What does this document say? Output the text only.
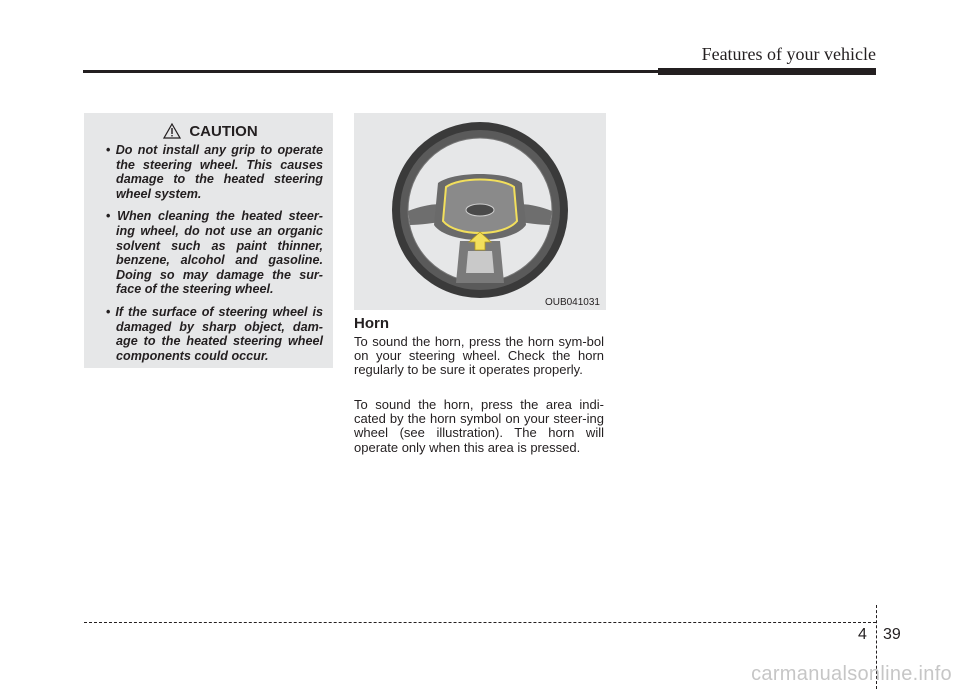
Features of your vehicle
CAUTION
• Do not install any grip to operate the steering wheel. This causes damage to the heated steering wheel system.
• When cleaning the heated steer-ing wheel, do not use an organic solvent such as paint thinner, benzene, alcohol and gasoline. Doing so may damage the sur-face of the steering wheel.
• If the surface of steering wheel is damaged by sharp object, dam-age to the heated steering wheel components could occur.
OUB041031
Horn

To sound the horn, press the horn sym-bol on your steering wheel. Check the horn regularly to be sure it operates properly.

To sound the horn, press the area indi-cated by the horn symbol on your steer-ing wheel (see illustration). The horn will operate only when this area is pressed.

4 39
carmanualsonline.info
